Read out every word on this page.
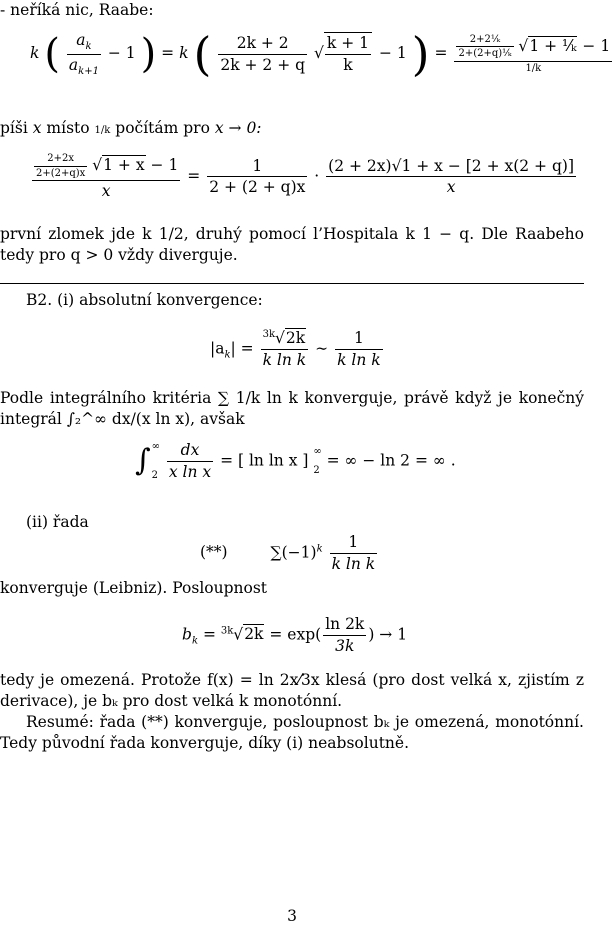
- neříká nic, Raabe:
k ( $\frac{a_k}{a_{k+1}} - 1$ ) = k ( $\frac{2k + 2}{2k + 2 + q}$ √ $\frac{k + 1}{k} - 1$ ) = $\frac{\frac{\text{2+2¹⁄ₖ}}{\text{2+(2+q)¹⁄ₖ}} √1 + ^1⁄_k - 1}{1/k}$
píši x místo 1/k počítám pro x → 0:
$\frac{\frac{2+2x}{2+(2+q)x} √1 + x - 1}{x} = \frac{1}{2 + (2 + q)x} \cdot \frac{(2 + 2x)√1 + x - [2 + x(2 + q)]}{x}$
první zlomek jde k 1/2, druhý pomocí l’Hospitala k 1 − q. Dle Raabeho tedy pro q > 0 vždy diverguje.
B2. (i) absolutní konvergence:
$|a_k| = \frac{^{3k}√2k}{\text{k ln k}}$ ∼ $\frac{1}{\text{k ln k}}$
Podle integrálního kritéria ∑ 1/k ln k konverguje, právě když je konečný integrál ∫₂^∞ dx/(x ln x), avšak
∫ ∞
2
$\frac{dx}{\text{x ln x}}$ = [ ln ln x ] ∞
2
= ∞ − ln 2 = ∞ .
(ii) řada
(**)	$\sum(-1)^k \frac{1}{\text{k ln k}}$
konverguje (Leibniz). Posloupnost
$b_k = ^{3k}√2k = \exp( \frac{\ln 2k}{3k}$ ) → 1
tedy je omezená. Protože f(x) = ln 2x⁄3x klesá (pro dost velká x, zjistím z derivace), je bₖ pro dost velká k monotónní.
Resumé: řada (**) konverguje, posloupnost bₖ je omezená, monotónní. Tedy původní řada konverguje, díky (i) neabsolutně.
3
